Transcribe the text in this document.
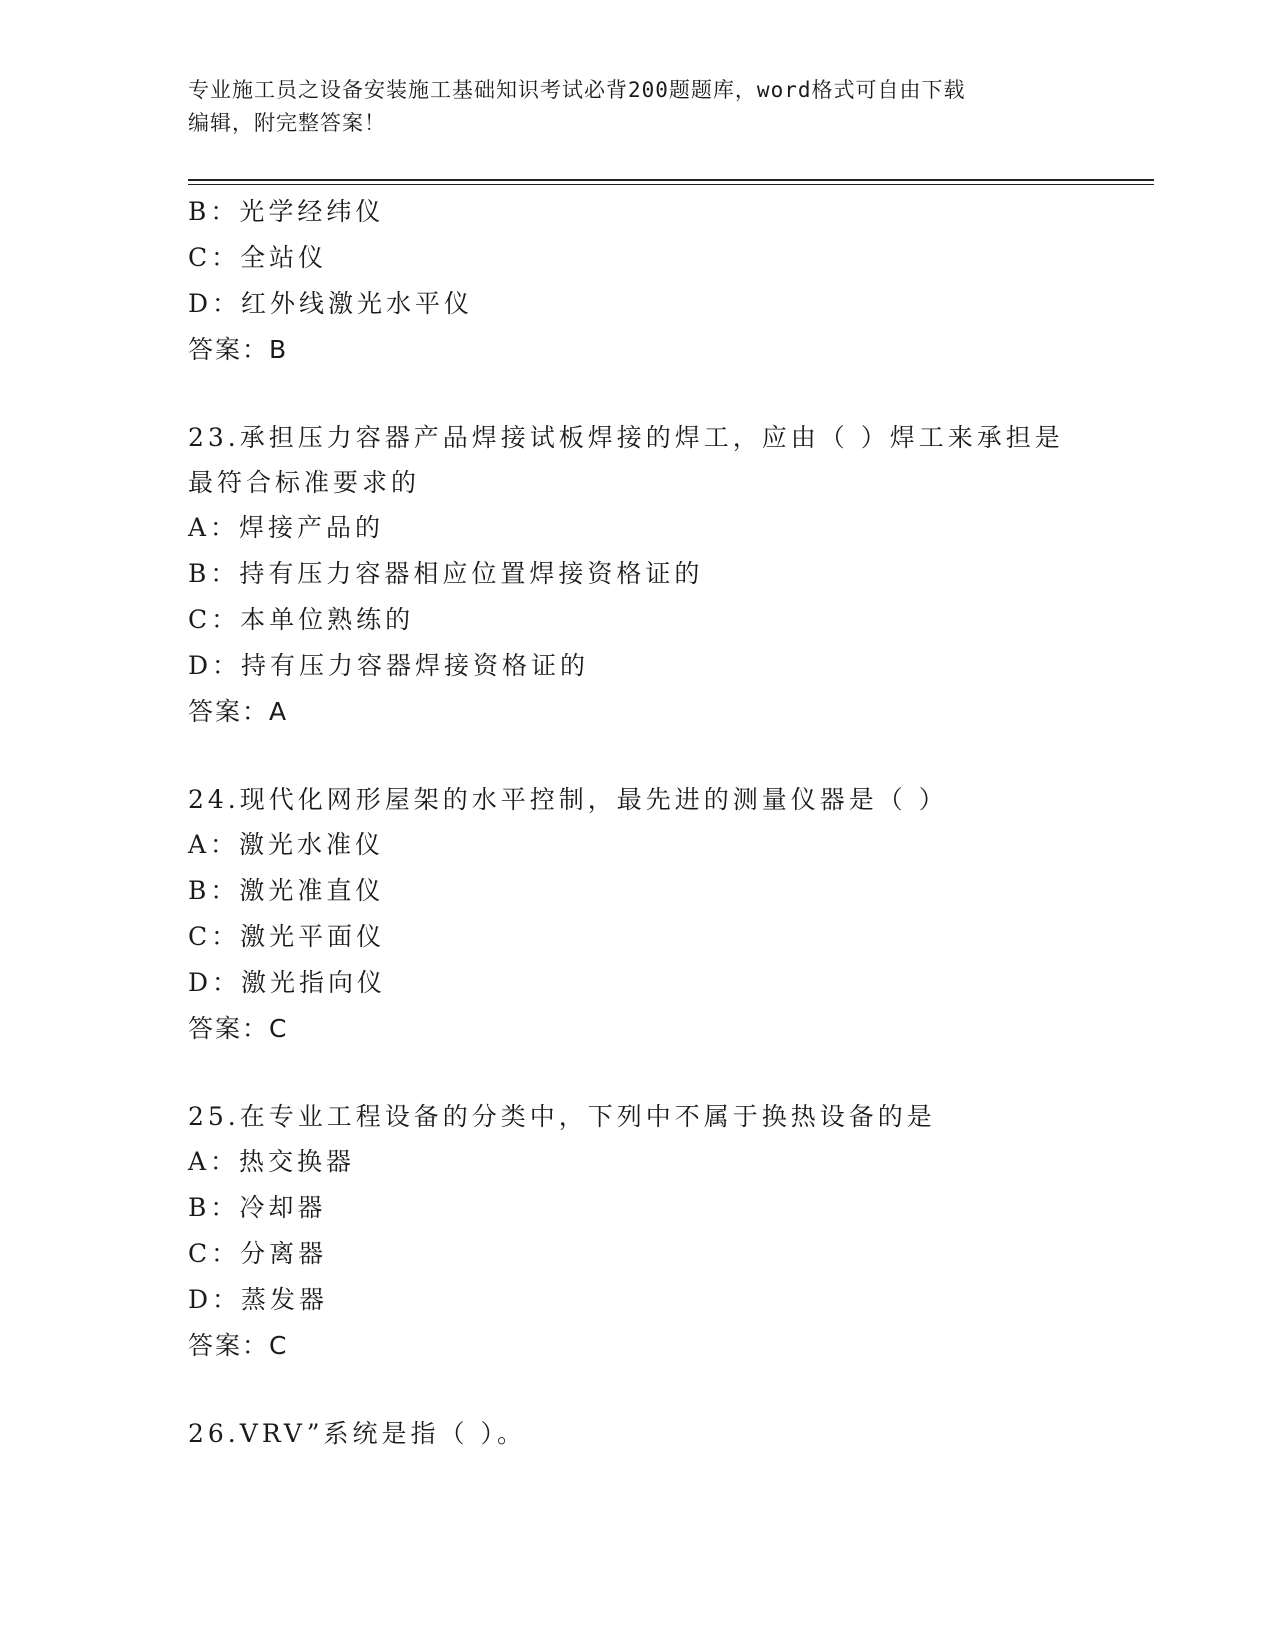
专业施工员之设备安装施工基础知识考试必背200题题库，word格式可自由下载
编辑，附完整答案！
B：光学经纬仪
C：全站仪
D：红外线激光水平仪
答案：B
23.承担压力容器产品焊接试板焊接的焊工，应由（ ）焊工来承担是
最符合标准要求的
A：焊接产品的
B：持有压力容器相应位置焊接资格证的
C：本单位熟练的
D：持有压力容器焊接资格证的
答案：A
24.现代化网形屋架的水平控制，最先进的测量仪器是（ ）
A：激光水准仪
B：激光准直仪
C：激光平面仪
D：激光指向仪
答案：C
25.在专业工程设备的分类中，下列中不属于换热设备的是
A：热交换器
B：冷却器
C：分离器
D：蒸发器
答案：C
26.VRV”系统是指（ ）。
